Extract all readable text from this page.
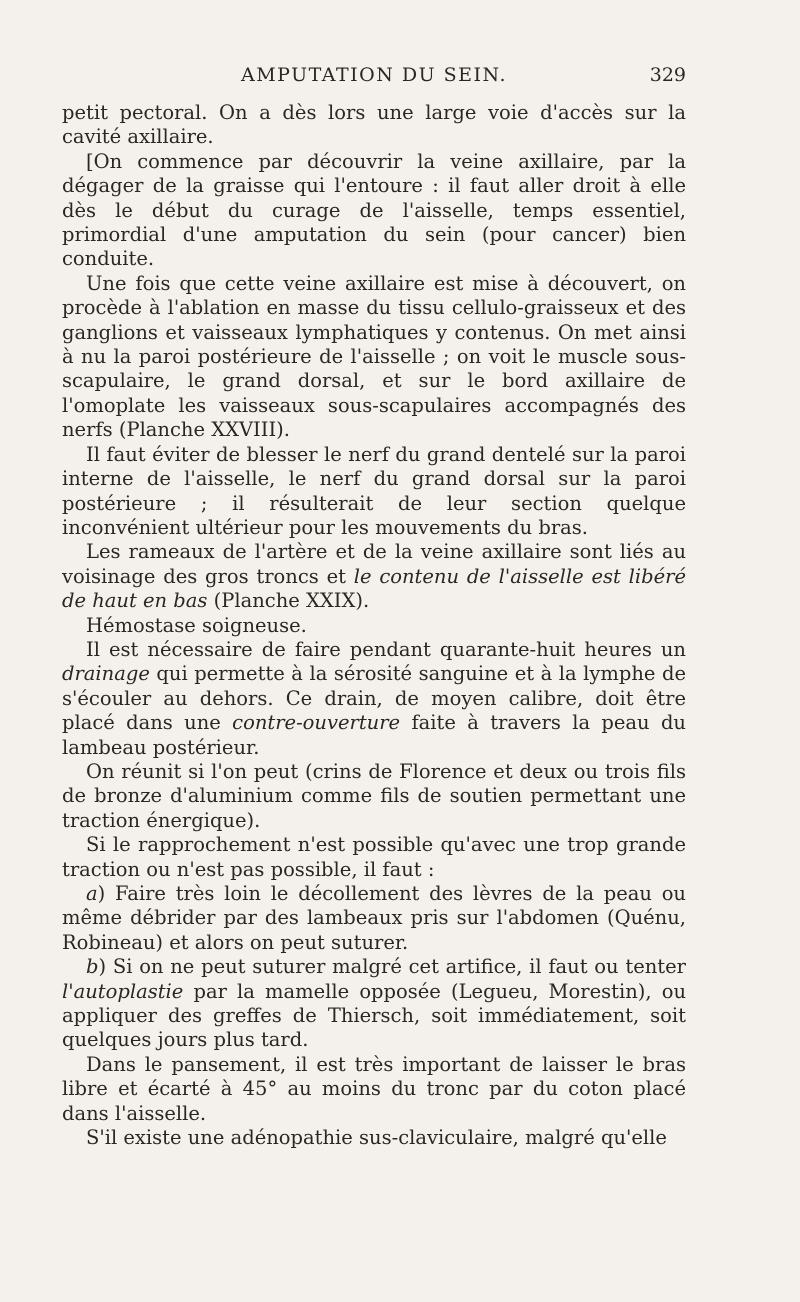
AMPUTATION DU SEIN.	329

petit pectoral. On a dès lors une large voie d'accès sur la cavité axillaire.

[On commence par découvrir la veine axillaire, par la dégager de la graisse qui l'entoure : il faut aller droit à elle dès le début du curage de l'aisselle, temps essentiel, primordial d'une amputation du sein (pour cancer) bien conduite.

Une fois que cette veine axillaire est mise à découvert, on procède à l'ablation en masse du tissu cellulo-graisseux et des ganglions et vaisseaux lymphatiques y contenus. On met ainsi à nu la paroi postérieure de l'aisselle ; on voit le muscle sous-scapulaire, le grand dorsal, et sur le bord axillaire de l'omoplate les vaisseaux sous-scapulaires accompagnés des nerfs (Planche XXVIII).

Il faut éviter de blesser le nerf du grand dentelé sur la paroi interne de l'aisselle, le nerf du grand dorsal sur la paroi postérieure ; il résulterait de leur section quelque inconvénient ultérieur pour les mouvements du bras.

Les rameaux de l'artère et de la veine axillaire sont liés au voisinage des gros troncs et le contenu de l'aisselle est libéré de haut en bas (Planche XXIX).

Hémostase soigneuse.

Il est nécessaire de faire pendant quarante-huit heures un drainage qui permette à la sérosité sanguine et à la lymphe de s'écouler au dehors. Ce drain, de moyen calibre, doit être placé dans une contre-ouverture faite à travers la peau du lambeau postérieur.

On réunit si l'on peut (crins de Florence et deux ou trois fils de bronze d'aluminium comme fils de soutien permettant une traction énergique).

Si le rapprochement n'est possible qu'avec une trop grande traction ou n'est pas possible, il faut :

a) Faire très loin le décollement des lèvres de la peau ou même débrider par des lambeaux pris sur l'abdomen (Quénu, Robineau) et alors on peut suturer.

b) Si on ne peut suturer malgré cet artifice, il faut ou tenter l'autoplastie par la mamelle opposée (Legueu, Morestin), ou appliquer des greffes de Thiersch, soit immédiatement, soit quelques jours plus tard.

Dans le pansement, il est très important de laisser le bras libre et écarté à 45° au moins du tronc par du coton placé dans l'aisselle.

S'il existe une adénopathie sus-claviculaire, malgré qu'elle
